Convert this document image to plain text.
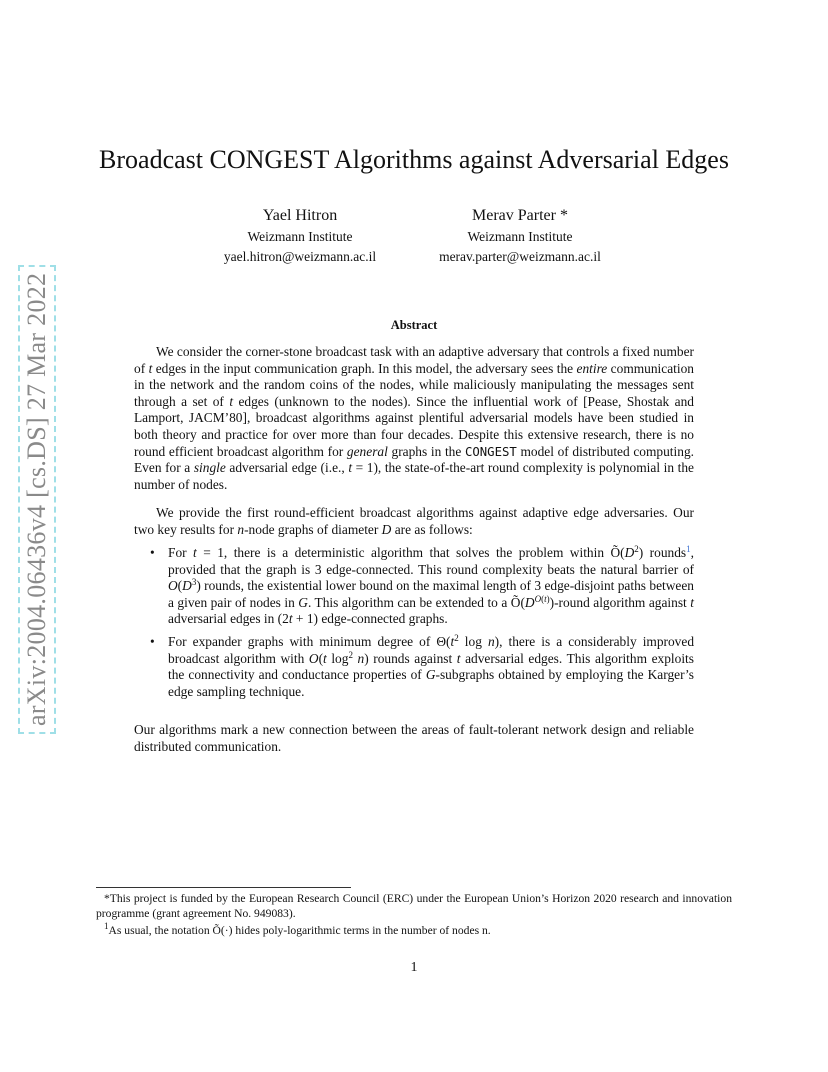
arXiv:2004.06436v4 [cs.DS] 27 Mar 2022
Broadcast CONGEST Algorithms against Adversarial Edges
Yael Hitron
Weizmann Institute
yael.hitron@weizmann.ac.il
Merav Parter *
Weizmann Institute
merav.parter@weizmann.ac.il
Abstract
We consider the corner-stone broadcast task with an adaptive adversary that controls a fixed number of t edges in the input communication graph. In this model, the adversary sees the entire communication in the network and the random coins of the nodes, while maliciously manipulating the messages sent through a set of t edges (unknown to the nodes). Since the influential work of [Pease, Shostak and Lamport, JACM’80], broadcast algorithms against plentiful adversarial models have been studied in both theory and practice for over more than four decades. Despite this extensive research, there is no round efficient broadcast algorithm for general graphs in the CONGEST model of distributed computing. Even for a single adversarial edge (i.e., t = 1), the state-of-the-art round complexity is polynomial in the number of nodes.
We provide the first round-efficient broadcast algorithms against adaptive edge adversaries. Our two key results for n-node graphs of diameter D are as follows:
• For t = 1, there is a deterministic algorithm that solves the problem within $Õ(D^2)$ rounds$^1$, provided that the graph is 3 edge-connected. This round complexity beats the natural barrier of $O(D^3)$ rounds, the existential lower bound on the maximal length of 3 edge-disjoint paths between a given pair of nodes in G. This algorithm can be extended to a $Õ(D^{O(t)})$-round algorithm against t adversarial edges in (2t + 1) edge-connected graphs.
• For expander graphs with minimum degree of $\Theta(t^2$ log n), there is a considerably improved broadcast algorithm with O(t $\log^2 n$) rounds against t adversarial edges. This algorithm exploits the connectivity and conductance properties of G-subgraphs obtained by employing the Karger’s edge sampling technique.
Our algorithms mark a new connection between the areas of fault-tolerant network design and reliable distributed communication.
*This project is funded by the European Research Council (ERC) under the European Union’s Horizon 2020 research and innovation programme (grant agreement No. 949083).
$^1$As usual, the notation Õ(·) hides poly-logarithmic terms in the number of nodes n.
1
